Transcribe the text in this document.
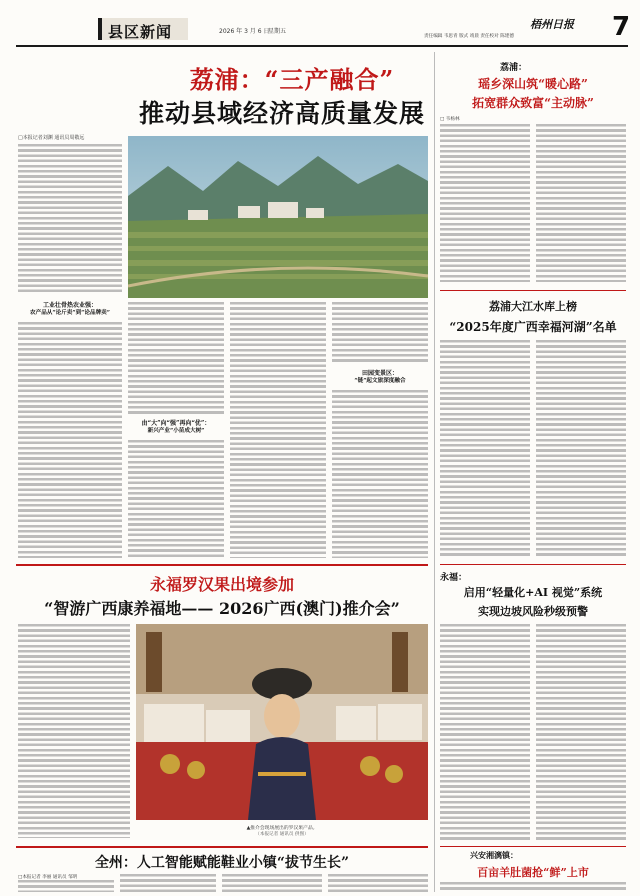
县区新闻	2026 年 3 月 6 日
星期五
梧州日报
责任编辑 韦思青 版式 靖晨 责任校对 陈建德	7
荔浦：“三产融合”
推动县域经济高质量发展
□本报记者刘渊 通讯员周敬远
工业壮骨热农业强：
农产品从“论斤卖”到“论品牌卖”
由“大”向“强”再向“优”：
新兴产业“小苗成大树”
田园变景区：
“链”起文旅深度融合
荔浦：
瑶乡深山筑“暖心路”
拓宽群众致富“主动脉”
□ 韦杨林
荔浦大江水库上榜
“2025年度广西幸福河湖”名单
永福罗汉果出境参加
“智游广西康养福地—— 2026广西(澳门)推介会”
▲推介会现场展出的罗汉果产品。
（本报记者 通讯员 供图）
永福：
启用“轻量化+AI 视觉”系统
实现边坡风险秒级预警
全州：人工智能赋能鞋业小镇“拔节生长”
□本报记者 李丽 通讯员 邹明
兴安湘漓镇：
百亩羊肚菌抢“鲜”上市
